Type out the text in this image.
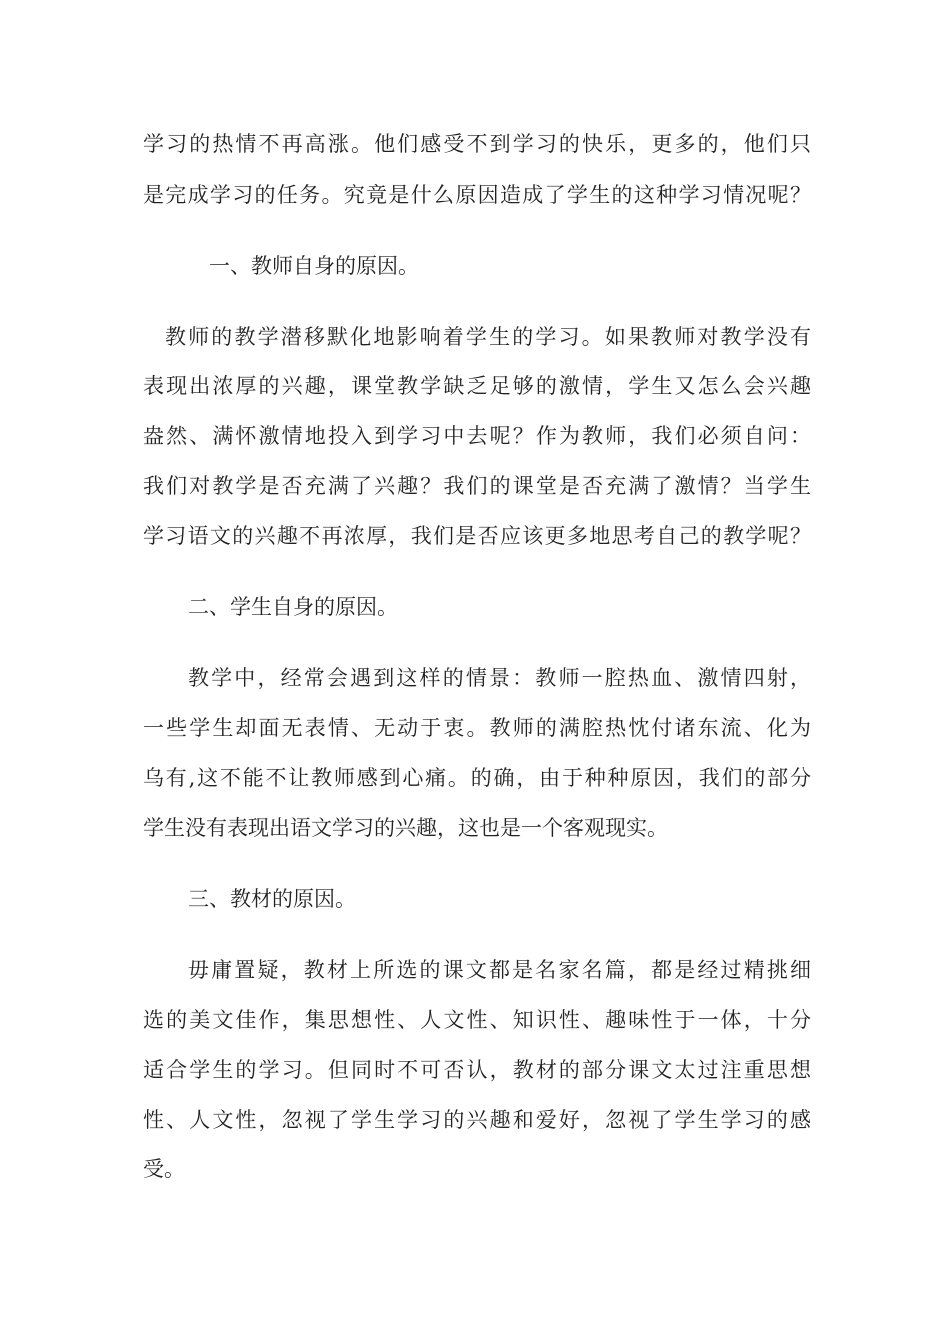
学习的热情不再高涨。他们感受不到学习的快乐，更多的，他们只
是完成学习的任务。究竟是什么原因造成了学生的这种学习情况呢？
一、教师自身的原因。
教师的教学潜移默化地影响着学生的学习。如果教师对教学没有
表现出浓厚的兴趣，课堂教学缺乏足够的激情，学生又怎么会兴趣
盎然、满怀激情地投入到学习中去呢？作为教师，我们必须自问：
我们对教学是否充满了兴趣？我们的课堂是否充满了激情？当学生
学习语文的兴趣不再浓厚，我们是否应该更多地思考自己的教学呢？
二、学生自身的原因。
教学中，经常会遇到这样的情景：教师一腔热血、激情四射，
一些学生却面无表情、无动于衷。教师的满腔热忱付诸东流、化为
乌有,这不能不让教师感到心痛。的确，由于种种原因，我们的部分
学生没有表现出语文学习的兴趣，这也是一个客观现实。
三、教材的原因。
毋庸置疑，教材上所选的课文都是名家名篇，都是经过精挑细
选的美文佳作，集思想性、人文性、知识性、趣味性于一体，十分
适合学生的学习。但同时不可否认，教材的部分课文太过注重思想
性、人文性，忽视了学生学习的兴趣和爱好，忽视了学生学习的感
受。
